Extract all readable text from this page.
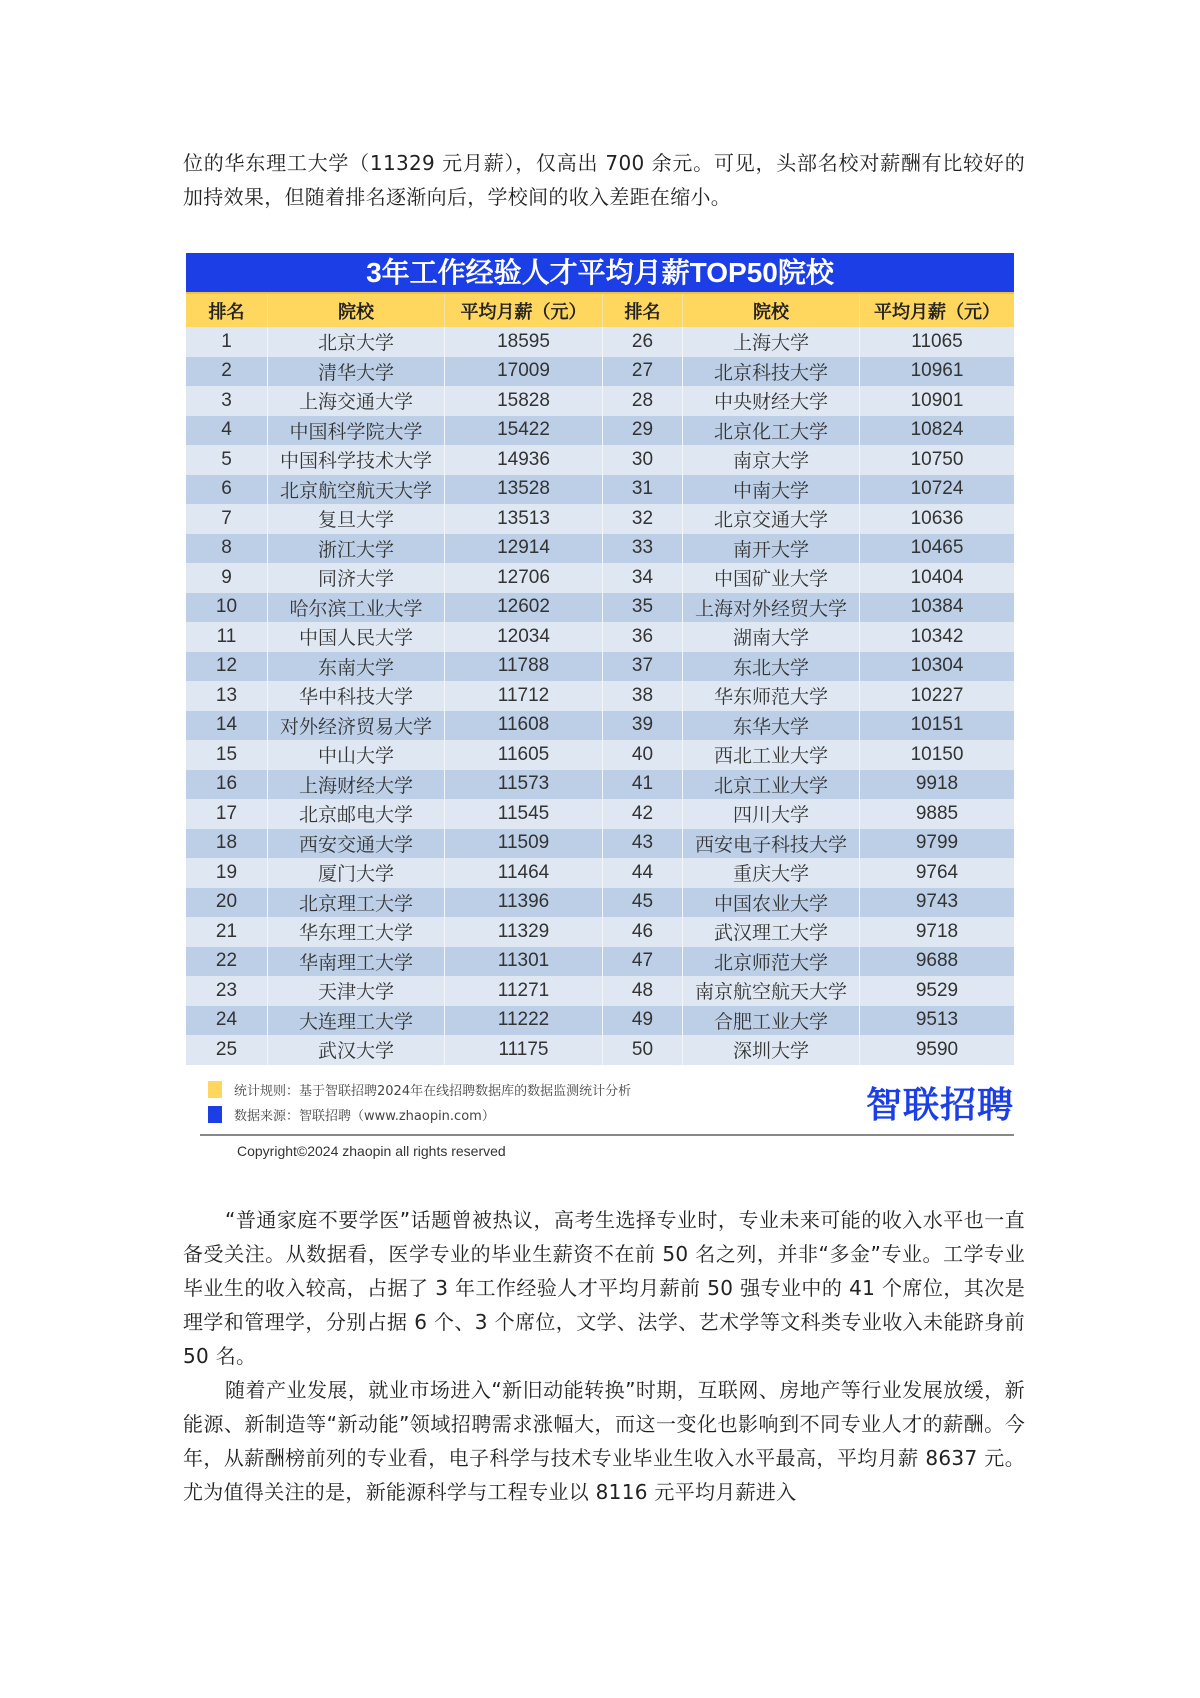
位的华东理工大学（11329 元月薪），仅高出 700 余元。可见，头部名校对薪酬有比较好的加持效果，但随着排名逐渐向后，学校间的收入差距在缩小。

3年工作经验人才平均月薪TOP50院校
排名	院校	平均月薪（元）	排名	院校	平均月薪（元）
1	北京大学	18595	26	上海大学	11065
2	清华大学	17009	27	北京科技大学	10961
3	上海交通大学	15828	28	中央财经大学	10901
4	中国科学院大学	15422	29	北京化工大学	10824
5	中国科学技术大学	14936	30	南京大学	10750
6	北京航空航天大学	13528	31	中南大学	10724
7	复旦大学	13513	32	北京交通大学	10636
8	浙江大学	12914	33	南开大学	10465
9	同济大学	12706	34	中国矿业大学	10404
10	哈尔滨工业大学	12602	35	上海对外经贸大学	10384
11	中国人民大学	12034	36	湖南大学	10342
12	东南大学	11788	37	东北大学	10304
13	华中科技大学	11712	38	华东师范大学	10227
14	对外经济贸易大学	11608	39	东华大学	10151
15	中山大学	11605	40	西北工业大学	10150
16	上海财经大学	11573	41	北京工业大学	9918
17	北京邮电大学	11545	42	四川大学	9885
18	西安交通大学	11509	43	西安电子科技大学	9799
19	厦门大学	11464	44	重庆大学	9764
20	北京理工大学	11396	45	中国农业大学	9743
21	华东理工大学	11329	46	武汉理工大学	9718
22	华南理工大学	11301	47	北京师范大学	9688
23	天津大学	11271	48	南京航空航天大学	9529
24	大连理工大学	11222	49	合肥工业大学	9513
25	武汉大学	11175	50	深圳大学	9590
统计规则：基于智联招聘2024年在线招聘数据库的数据监测统计分析
数据来源：智联招聘（www.zhaopin.com）	智联招聘
Copyright©2024 zhaopin all rights reserved

“普通家庭不要学医”话题曾被热议，高考生选择专业时，专业未来可能的收入水平也一直备受关注。从数据看，医学专业的毕业生薪资不在前 50 名之列，并非“多金”专业。工学专业毕业生的收入较高，占据了 3 年工作经验人才平均月薪前 50 强专业中的 41 个席位，其次是理学和管理学，分别占据 6 个、3 个席位，文学、法学、艺术学等文科类专业收入未能跻身前 50 名。

随着产业发展，就业市场进入“新旧动能转换”时期，互联网、房地产等行业发展放缓，新能源、新制造等“新动能”领域招聘需求涨幅大，而这一变化也影响到不同专业人才的薪酬。今年，从薪酬榜前列的专业看，电子科学与技术专业毕业生收入水平最高，平均月薪 8637 元。尤为值得关注的是，新能源科学与工程专业以 8116 元平均月薪进入
